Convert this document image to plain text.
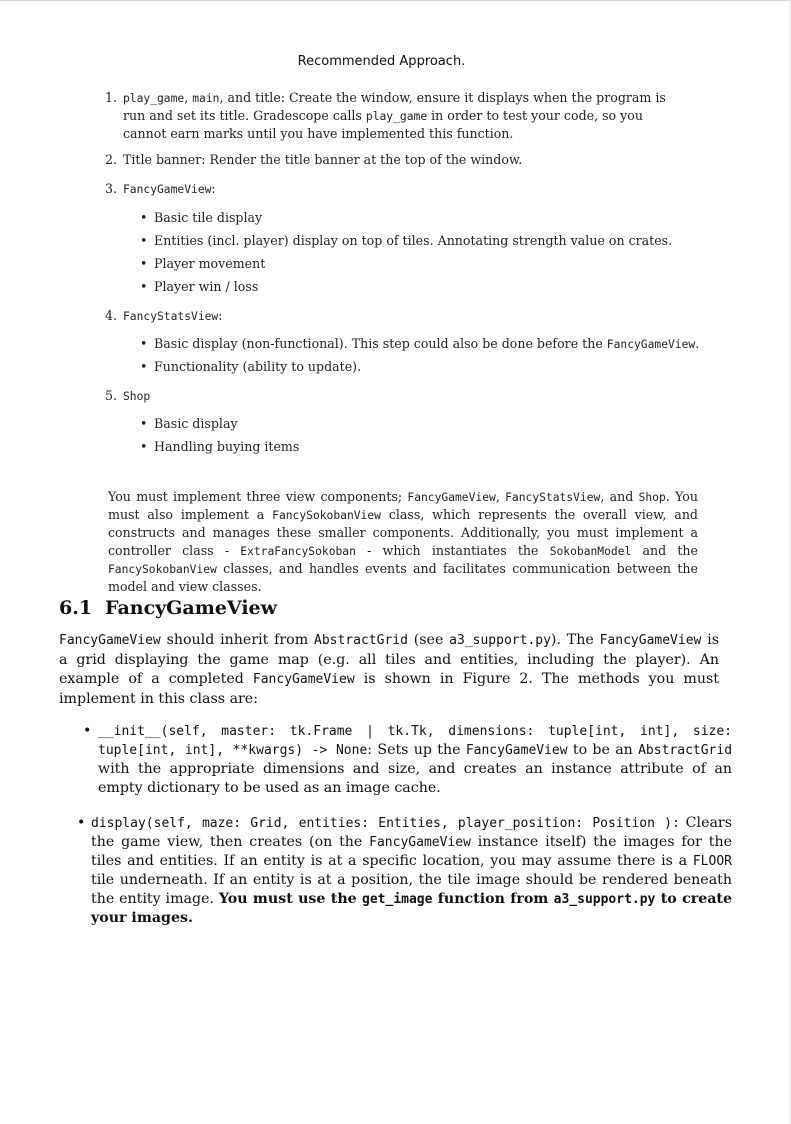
Recommended Approach.
1. play_game, main, and title: Create the window, ensure it displays when the program is run and set its title. Gradescope calls play_game in order to test your code, so you cannot earn marks until you have implemented this function.
2. Title banner: Render the title banner at the top of the window.
3. FancyGameView:
• Basic tile display
• Entities (incl. player) display on top of tiles. Annotating strength value on crates.
• Player movement
• Player win / loss
4. FancyStatsView:
• Basic display (non-functional). This step could also be done before the FancyGameView.
• Functionality (ability to update).
5. Shop
• Basic display
• Handling buying items
You must implement three view components; FancyGameView, FancyStatsView, and Shop. You must also implement a FancySokobanView class, which represents the overall view, and constructs and manages these smaller components. Additionally, you must implement a controller class - ExtraFancySokoban - which instantiates the SokobanModel and the FancySokobanView classes, and handles events and facilitates communication between the model and view classes.
6.1 FancyGameView
FancyGameView should inherit from AbstractGrid (see a3_support.py). The FancyGameView is a grid displaying the game map (e.g. all tiles and entities, including the player). An example of a completed FancyGameView is shown in Figure 2. The methods you must implement in this class are:
• __init__(self, master: tk.Frame | tk.Tk, dimensions: tuple[int, int], size: tuple[int, int], **kwargs) -> None: Sets up the FancyGameView to be an AbstractGrid with the appropriate dimensions and size, and creates an instance attribute of an empty dictionary to be used as an image cache.
• display(self, maze: Grid, entities: Entities, player_position: Position ): Clears the game view, then creates (on the FancyGameView instance itself) the images for the tiles and entities. If an entity is at a specific location, you may assume there is a FLOOR tile underneath. If an entity is at a position, the tile image should be rendered beneath the entity image. You must use the get_image function from a3_support.py to create your images.
